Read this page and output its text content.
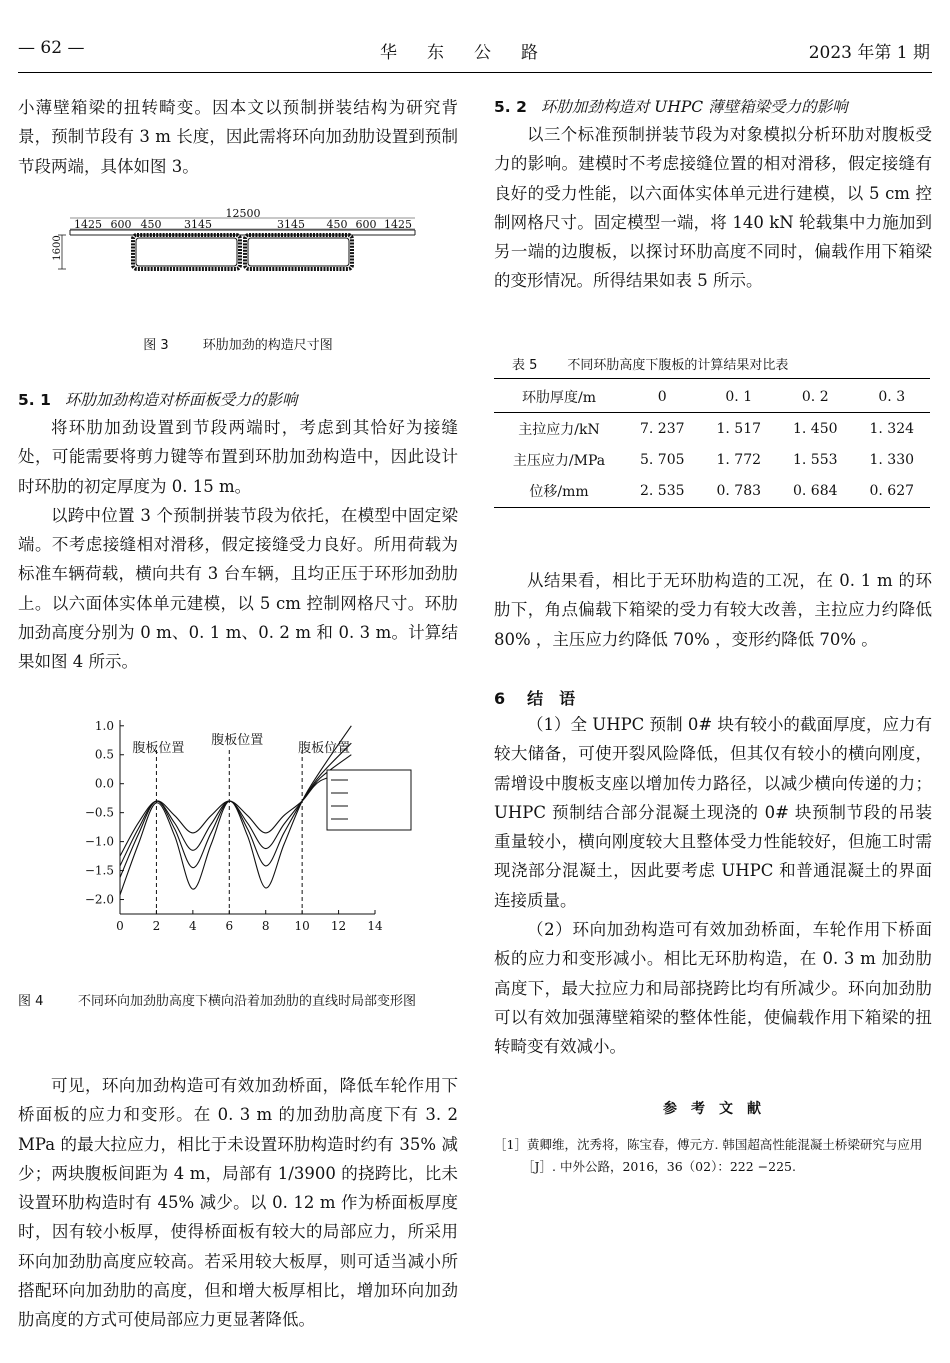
— 62 —	华东公路	2023 年第 1 期

小薄壁箱梁的扭转畸变。因本文以预制拼装结构为研究背景，预制节段有 3 m 长度，因此需将环向加劲肋设置到预制节段两端，具体如图 3。

12500
1425 600 450 3145	3145 450 600 1425
1600
图 3	环肋加劲的构造尺寸图
5. 1 环肋加劲构造对桥面板受力的影响

将环肋加劲设置到节段两端时，考虑到其恰好为接缝处，可能需要将剪力键等布置到环肋加劲构造中，因此设计时环肋的初定厚度为 0. 15 m。

以跨中位置 3 个预制拼装节段为依托，在模型中固定梁端。不考虑接缝相对滑移，假定接缝受力良好。所用荷载为标准车辆荷载，横向共有 3 台车辆，且均正压于环形加劲肋上。以六面体实体单元建模，以 5 cm 控制网格尺寸。环肋加劲高度分别为 0 m、0. 1 m、0. 2 m 和 0. 3 m。计算结果如图 4 所示。

0 2 4 6 8 10 12 14
1.0
0.5
0.0
−0.5
−1.0
−1.5
−2.0
腹板位置
腹板位置
腹板位置
图 4	不同环向加劲肋高度下横向沿着加劲肋的直线时局部变形图

可见，环向加劲构造可有效加劲桥面，降低车轮作用下桥面板的应力和变形。在 0. 3 m 的加劲肋高度下有 3. 2 MPa 的最大拉应力，相比于未设置环肋构造时约有 35% 减少；两块腹板间距为 4 m，局部有 1/3900 的挠跨比，比未设置环肋构造时有 45% 减少。以 0. 12 m 作为桥面板厚度时，因有较小板厚，使得桥面板有较大的局部应力，所采用环向加劲肋高度应较高。若采用较大板厚，则可适当减小所搭配环向加劲肋的高度，但和增大板厚相比，增加环向加劲肋高度的方式可使局部应力更显著降低。

5. 2 环肋加劲构造对 UHPC 薄壁箱梁受力的影响

以三个标准预制拼装节段为对象模拟分析环肋对腹板受力的影响。建模时不考虑接缝位置的相对滑移，假定接缝有良好的受力性能，以六面体实体单元进行建模，以 5 cm 控制网格尺寸。固定模型一端，将 140 kN 轮载集中力施加到另一端的边腹板，以探讨环肋高度不同时，偏载作用下箱梁的变形情况。所得结果如表 5 所示。

表 5 不同环肋高度下腹板的计算结果对比表
环肋厚度/m	0	0. 1	0. 2	0. 3
主拉应力/kN	7. 237	1. 517	1. 450	1. 324
主压应力/MPa	5. 705	1. 772	1. 553	1. 330
位移/mm	2. 535	0. 783	0. 684	0. 627

从结果看，相比于无环肋构造的工况，在 0. 1 m 的环肋下，角点偏载下箱梁的受力有较大改善，主拉应力约降低 80% ，主压应力约降低 70% ，变形约降低 70% 。

6 结　语

（1）全 UHPC 预制 0# 块有较小的截面厚度，应力有较大储备，可使开裂风险降低，但其仅有较小的横向刚度，需增设中腹板支座以增加传力路径，以减少横向传递的力；UHPC 预制结合部分混凝土现浇的 0# 块预制节段的吊装重量较小，横向刚度较大且整体受力性能较好，但施工时需现浇部分混凝土，因此要考虑 UHPC 和普通混凝土的界面连接质量。

（2）环向加劲构造可有效加劲桥面，车轮作用下桥面板的应力和变形减小。相比无环肋构造，在 0. 3 m 加劲肋高度下，最大拉应力和局部挠跨比均有所减少。环向加劲肋可以有效加强薄壁箱梁的整体性能，使偏载作用下箱梁的扭转畸变有效减小。

参　考　文　献
［1］黄卿维，沈秀将，陈宝春，傅元方. 韩国超高性能混凝土桥梁研究与应用［J］. 中外公路，2016，36（02）：222 −225.
